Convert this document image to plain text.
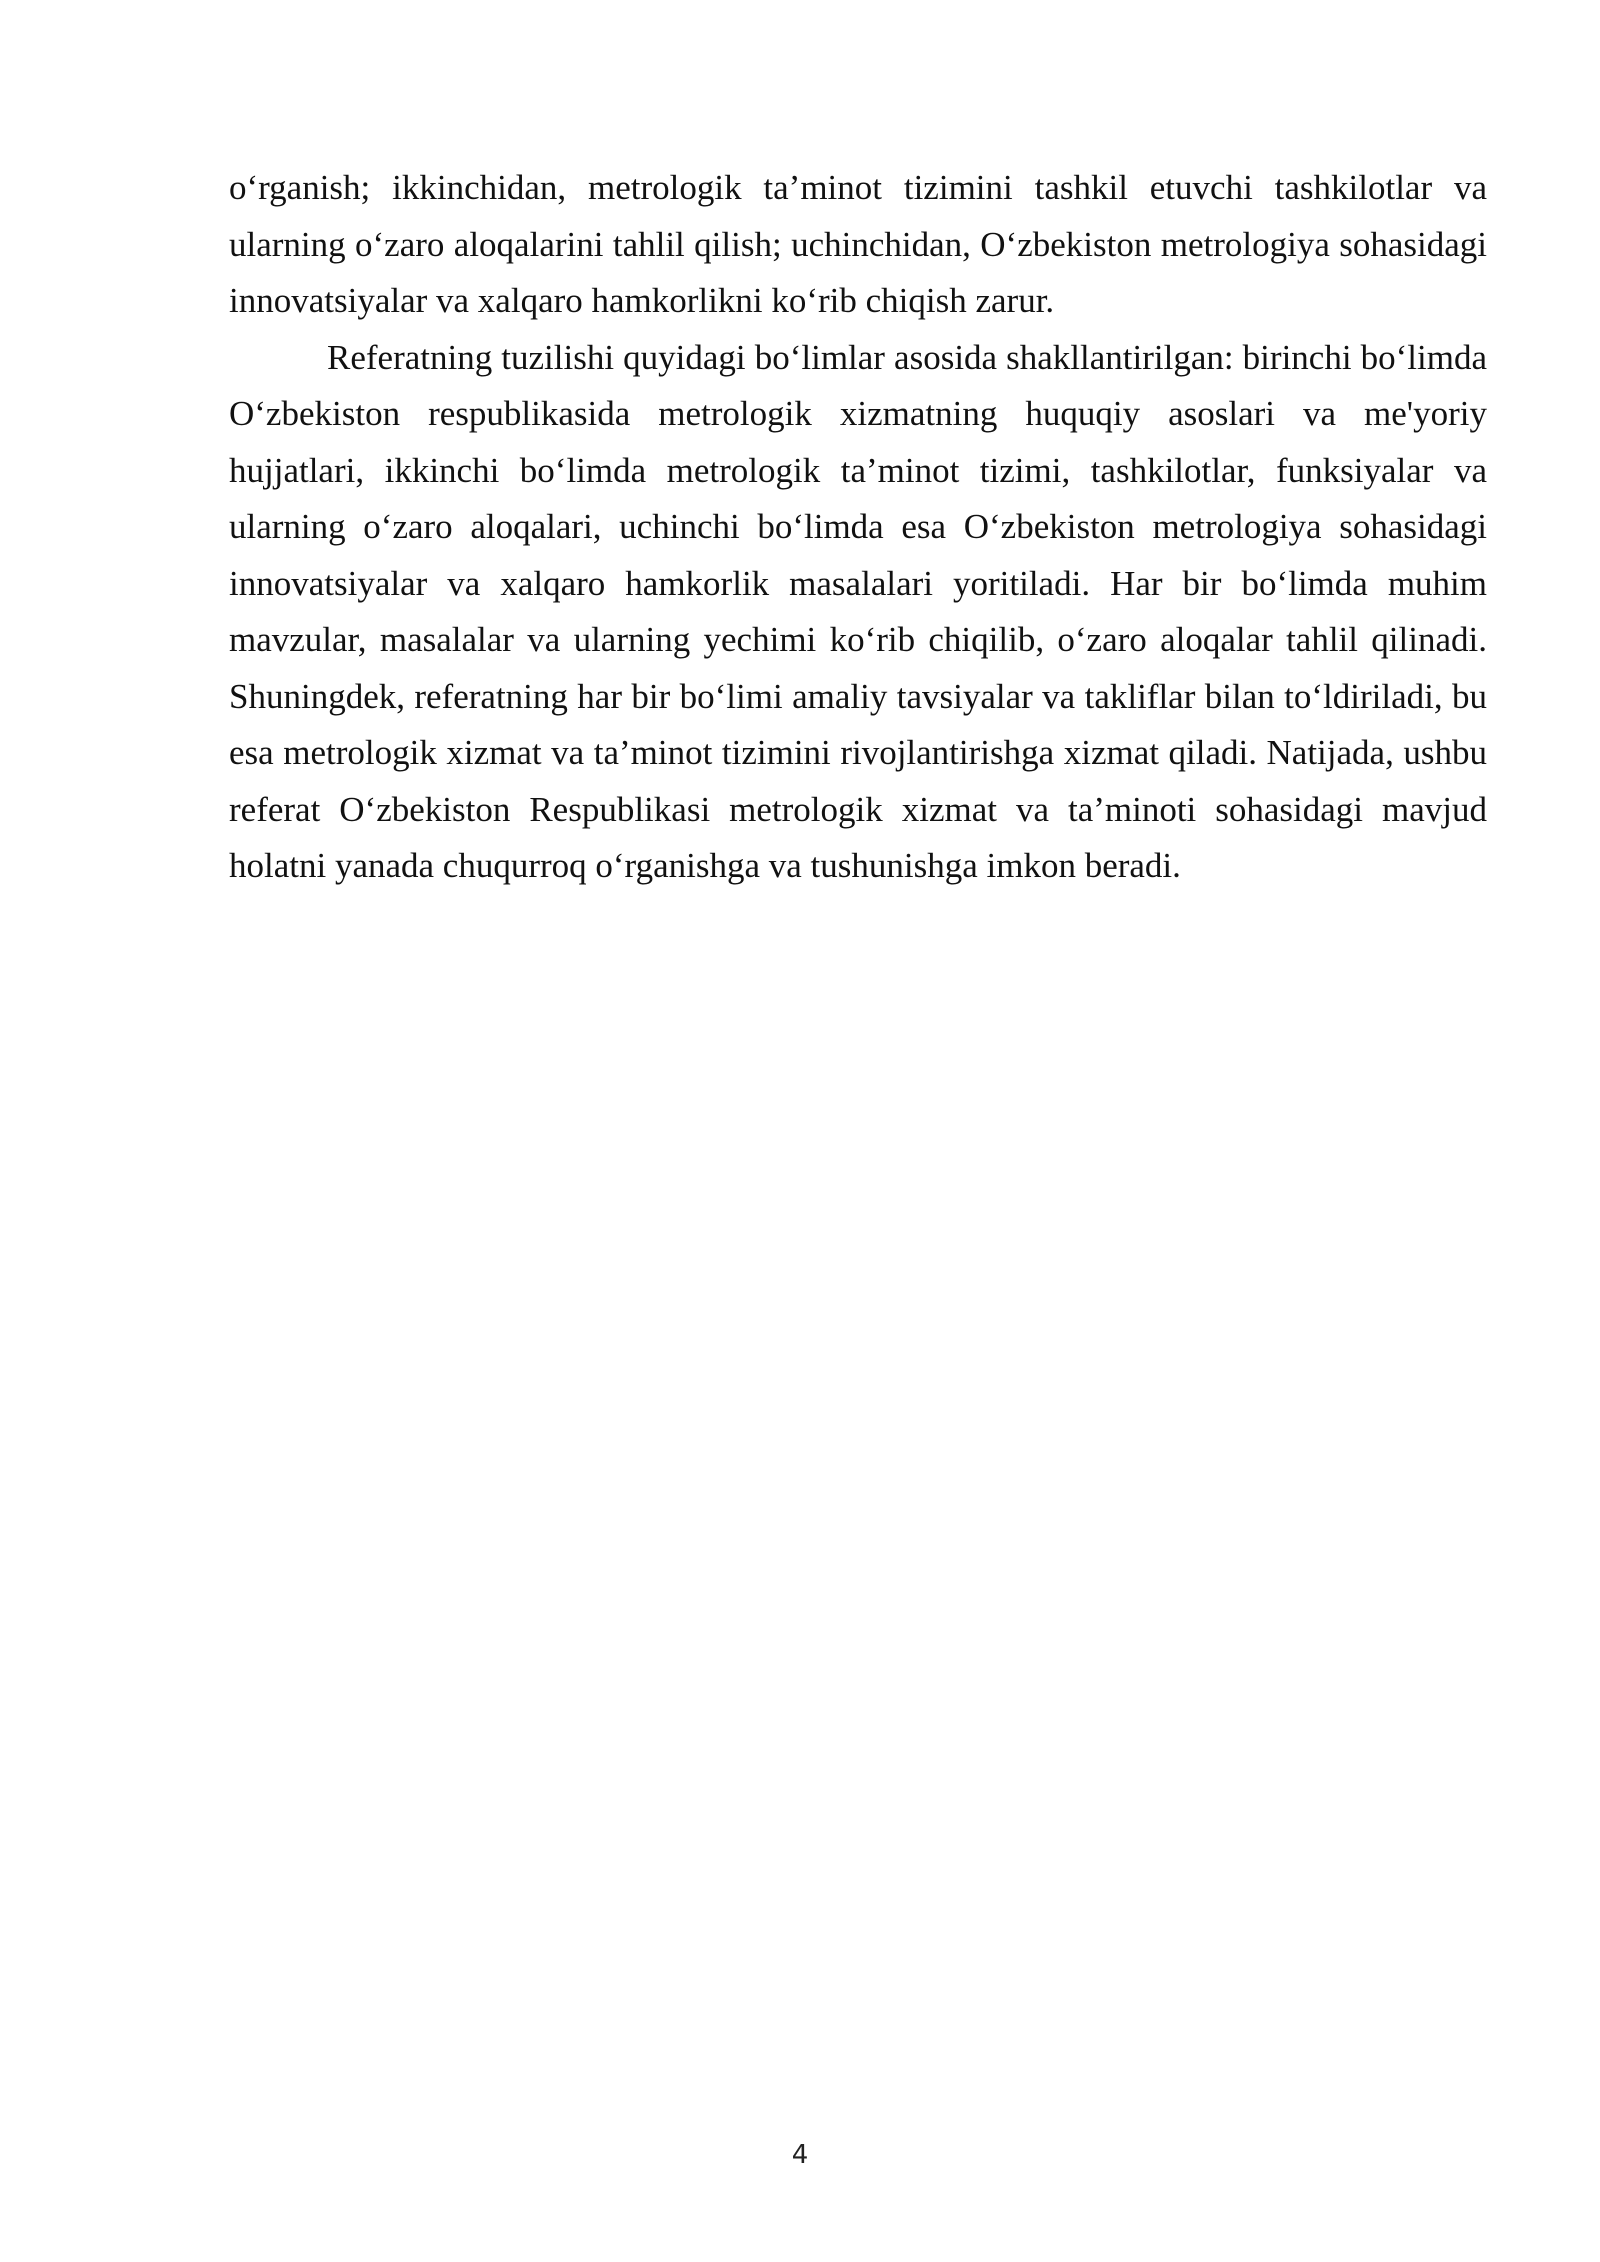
o‘rganish; ikkinchidan, metrologik ta’minot tizimini tashkil etuvchi tashkilotlar va ularning o‘zaro aloqalarini tahlil qilish; uchinchidan, O‘zbekiston metrologiya sohasidagi innovatsiyalar va xalqaro hamkorlikni ko‘rib chiqish zarur.

Referatning tuzilishi quyidagi bo‘limlar asosida shakllantirilgan: birinchi bo‘limda O‘zbekiston respublikasida metrologik xizmatning huquqiy asoslari va me'yoriy hujjatlari, ikkinchi bo‘limda metrologik ta’minot tizimi, tashkilotlar, funksiyalar va ularning o‘zaro aloqalari, uchinchi bo‘limda esa O‘zbekiston metrologiya sohasidagi innovatsiyalar va xalqaro hamkorlik masalalari yoritiladi. Har bir bo‘limda muhim mavzular, masalalar va ularning yechimi ko‘rib chiqilib, o‘zaro aloqalar tahlil qilinadi. Shuningdek, referatning har bir bo‘limi amaliy tavsiyalar va takliflar bilan to‘ldiriladi, bu esa metrologik xizmat va ta’minot tizimini rivojlantirishga xizmat qiladi. Natijada, ushbu referat O‘zbekiston Respublikasi metrologik xizmat va ta’minoti sohasidagi mavjud holatni yanada chuqurroq o‘rganishga va tushunishga imkon beradi.

4
